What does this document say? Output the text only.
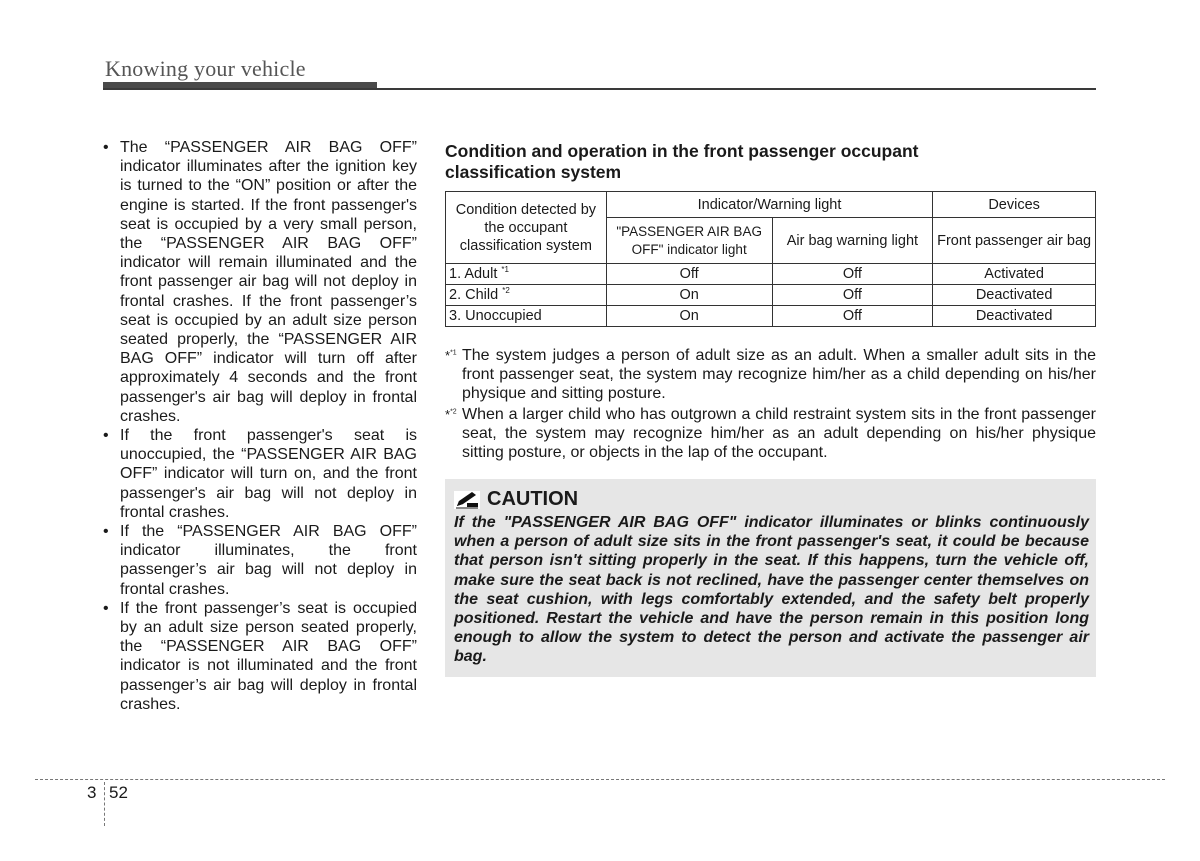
Knowing your vehicle
• The “PASSENGER AIR BAG OFF” indicator illuminates after the ignition key is turned to the “ON” position or after the engine is started. If the front passenger's seat is occupied by a very small person, the “PASSENGER AIR BAG OFF” indicator will remain illuminated and the front passenger air bag will not deploy in frontal crashes. If the front passenger’s seat is occupied by an adult size person seated properly, the “PASSENGER AIR BAG OFF” indicator will turn off after approximately 4 seconds and the front passenger's air bag will deploy in frontal crashes.
• If the front passenger's seat is unoccupied, the “PASSENGER AIR BAG OFF” indicator will turn on, and the front passenger's air bag will not deploy in frontal crashes.
• If the “PASSENGER AIR BAG OFF” indicator illuminates, the front passenger’s air bag will not deploy in frontal crashes.
• If the front passenger’s seat is occupied by an adult size person seated properly, the “PASSENGER AIR BAG OFF” indicator is not illuminated and the front passenger’s air bag will deploy in frontal crashes.

Condition and operation in the front passenger occupant classification system

Condition detected by the occupant classification system	Indicator/Warning light		Devices
	"PASSENGER AIR BAG OFF" indicator light	Air bag warning light	Front passenger air bag
1. Adult $^{*1}$	Off	Off	Activated
2. Child $^{*2}$	On	Off	Deactivated
3. Unoccupied	On	Off	Deactivated
*$^{*1}$ The system judges a person of adult size as an adult. When a smaller adult sits in the front passenger seat, the system may recognize him/her as a child depending on his/her physique and sitting posture.
*$^{*2}$ When a larger child who has outgrown a child restraint system sits in the front passenger seat, the system may recognize him/her as an adult depending on his/her physique sitting posture, or objects in the lap of the occupant.
CAUTION
If the "PASSENGER AIR BAG OFF" indicator illuminates or blinks continuously when a person of adult size sits in the front passenger's seat, it could be because that person isn't sitting properly in the seat. If this happens, turn the vehicle off, make sure the seat back is not reclined, have the passenger center themselves on the seat cushion, with legs comfortably extended, and the safety belt properly positioned. Restart the vehicle and have the person remain in this position long enough to allow the system to detect the person and activate the passenger air bag.
3 52
